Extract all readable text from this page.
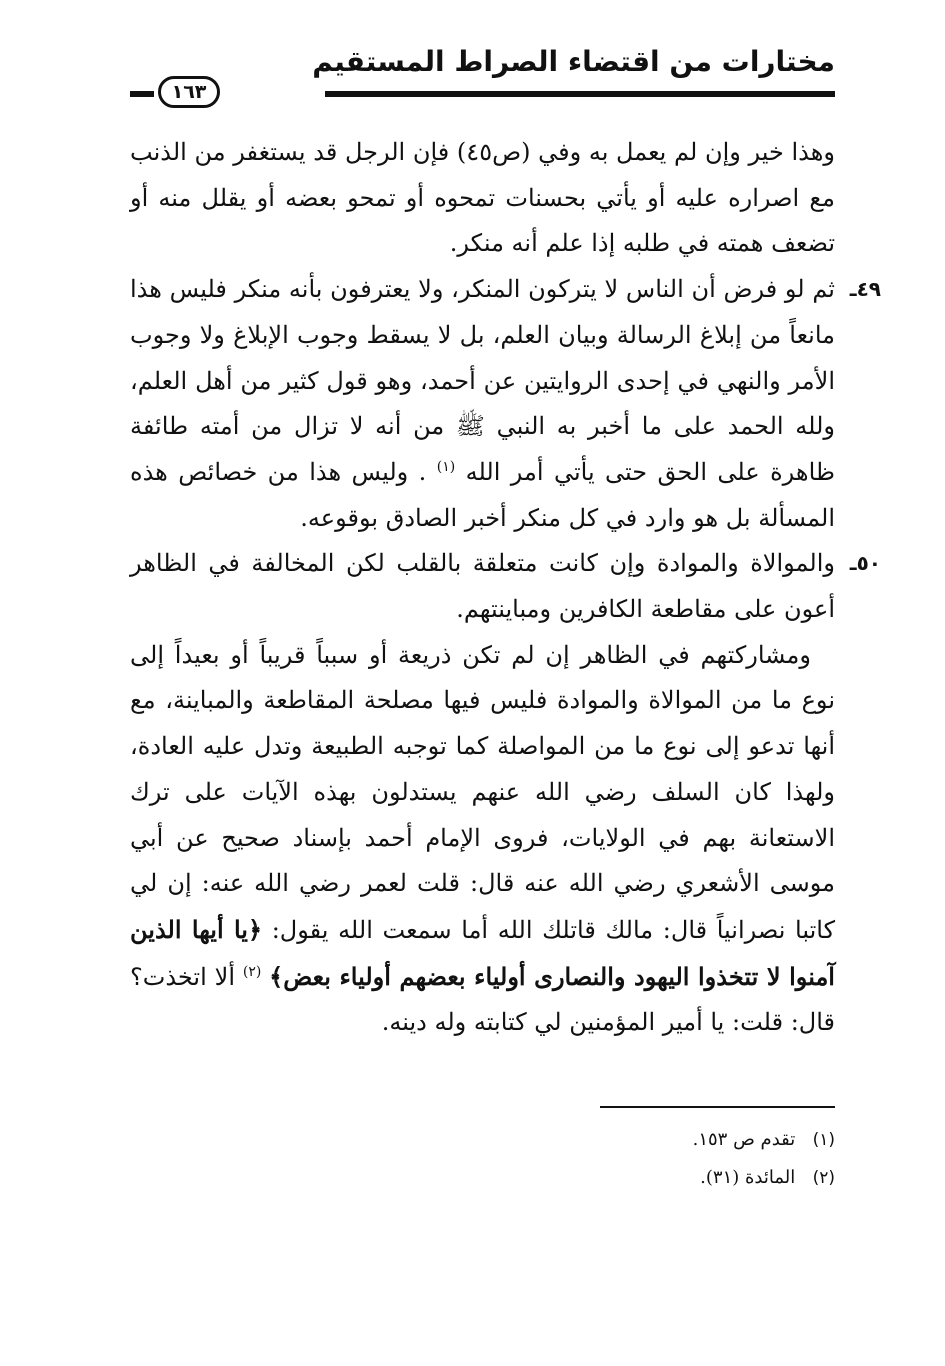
مختارات من اقتضاء الصراط المستقيم
١٦٣

وهذا خير وإن لم يعمل به وفي (ص٤٥) فإن الرجل قد يستغفر من الذنب مع اصراره عليه أو يأتي بحسنات تمحوه أو تمحو بعضه أو يقلل منه أو تضعف همته في طلبه إذا علم أنه منكر.

٤٩ـ
ثم لو فرض أن الناس لا يتركون المنكر، ولا يعترفون بأنه منكر فليس هذا مانعاً من إبلاغ الرسالة وبيان العلم، بل لا يسقط وجوب الإبلاغ ولا وجوب الأمر والنهي في إحدى الروايتين عن أحمد، وهو قول كثير من أهل العلم، ولله الحمد على ما أخبر به النبي ﷺ من أنه لا تزال من أمته طائفة ظاهرة على الحق حتى يأتي أمر الله $^{(١)}$ . وليس هذا من خصائص هذه المسألة بل هو وارد في كل منكر أخبر الصادق بوقوعه.

٥٠ـ
والموالاة والموادة وإن كانت متعلقة بالقلب لكن المخالفة في الظاهر أعون على مقاطعة الكافرين ومباينتهم.

ومشاركتهم في الظاهر إن لم تكن ذريعة أو سبباً قريباً أو بعيداً إلى نوع ما من الموالاة والموادة فليس فيها مصلحة المقاطعة والمباينة، مع أنها تدعو إلى نوع ما من المواصلة كما توجبه الطبيعة وتدل عليه العادة، ولهذا كان السلف رضي الله عنهم يستدلون بهذه الآيات على ترك الاستعانة بهم في الولايات، فروى الإمام أحمد بإسناد صحيح عن أبي موسى الأشعري رضي الله عنه قال: قلت لعمر رضي الله عنه: إن لي كاتبا نصرانياً قال: مالك قاتلك الله أما سمعت الله يقول: ﴿يا أيها الذين آمنوا لا تتخذوا اليهود والنصارى أولياء بعضهم أولياء بعض﴾ $^{(٢)}$ ألا اتخذت؟ قال: قلت: يا أمير المؤمنين لي كتابته وله دينه.

(١) تقدم ص ١٥٣.

(٢) المائدة (٣١).
